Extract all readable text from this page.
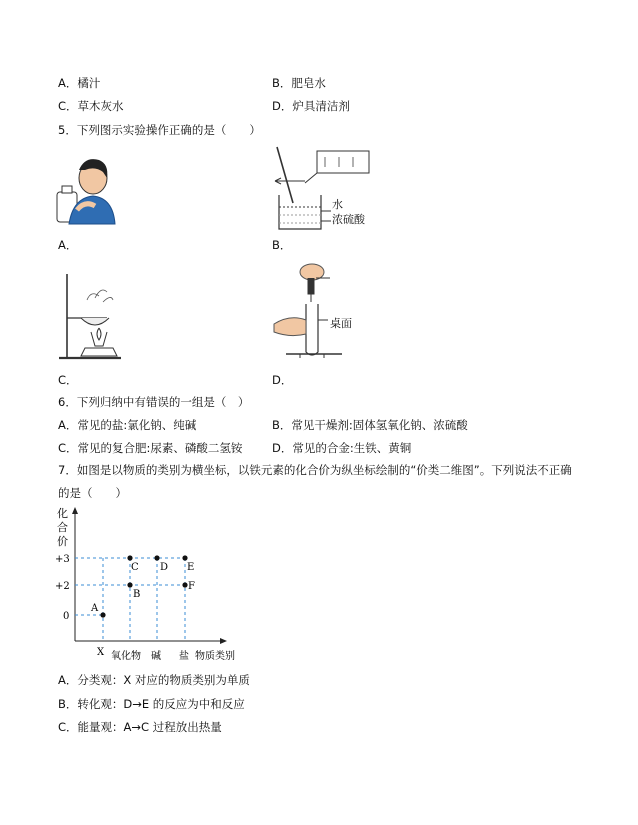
A．橘汁	B．肥皂水
C．草木灰水	D．炉具清洁剂
5．下列图示实验操作正确的是（　　）
A．
水
浓硫酸
B．
C．
桌面
D．
6．下列归纳中有错误的一组是（　）
A．常见的盐:氯化钠、纯碱	B．常见干燥剂:固体氢氧化钠、浓硫酸
C．常见的复合肥:尿素、磷酸二氢铵	D．常见的合金:生铁、黄铜
7．如图是以物质的类别为横坐标，以铁元素的化合价为纵坐标绘制的“价类二维图”。下列说法不正确
的是（　　）
化
合
价
+3
+2
0
A
B
C D E
F
X 氧化物 碱 盐 物质类别
A．分类观：X 对应的物质类别为单质
B．转化观：D→E 的反应为中和反应
C．能量观：A→C 过程放出热量
